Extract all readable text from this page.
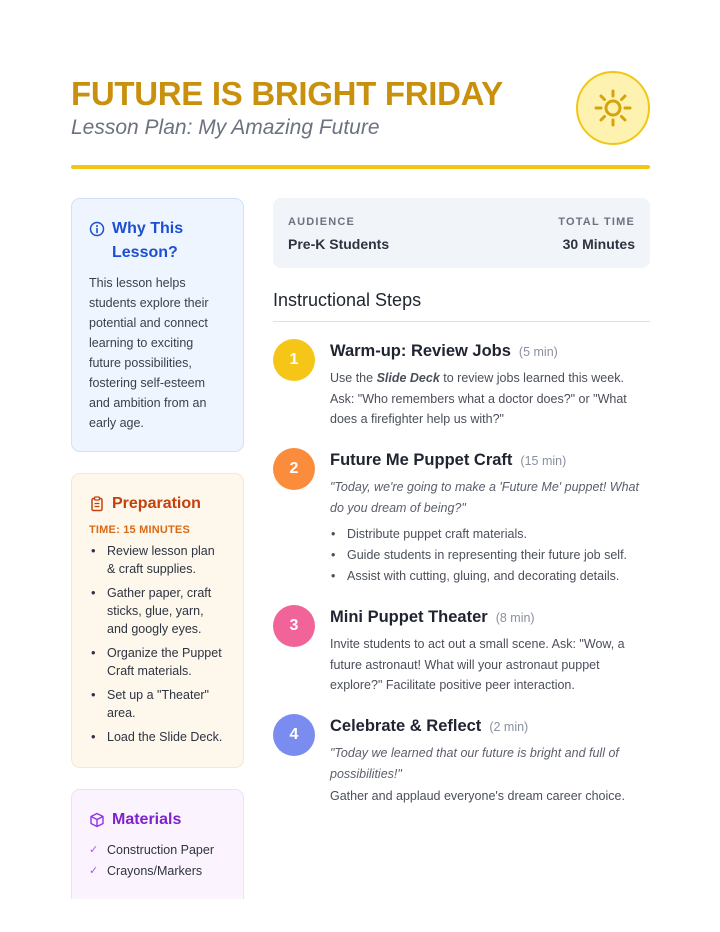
FUTURE IS BRIGHT FRIDAY
Lesson Plan: My Amazing Future
Why This Lesson?
This lesson helps students explore their potential and connect learning to exciting future possibilities, fostering self-esteem and ambition from an early age.
Preparation
TIME: 15 MINUTES
• Review lesson plan & craft supplies.
• Gather paper, craft sticks, glue, yarn, and googly eyes.
• Organize the Puppet Craft materials.
• Set up a "Theater" area.
• Load the Slide Deck.
Materials
✓ Construction Paper
✓ Crayons/Markers
AUDIENCE
Pre-K Students
TOTAL TIME
30 Minutes
Instructional Steps
1 Warm-up: Review Jobs (5 min)
Use the Slide Deck to review jobs learned this week. Ask: "Who remembers what a doctor does?" or "What does a firefighter help us with?"
2 Future Me Puppet Craft (15 min)
"Today, we're going to make a 'Future Me' puppet! What do you dream of being?"
• Distribute puppet craft materials.
• Guide students in representing their future job self.
• Assist with cutting, gluing, and decorating details.
3 Mini Puppet Theater (8 min)
Invite students to act out a small scene. Ask: "Wow, a future astronaut! What will your astronaut puppet explore?" Facilitate positive peer interaction.
4 Celebrate & Reflect (2 min)
"Today we learned that our future is bright and full of possibilities!"
Gather and applaud everyone's dream career choice.
